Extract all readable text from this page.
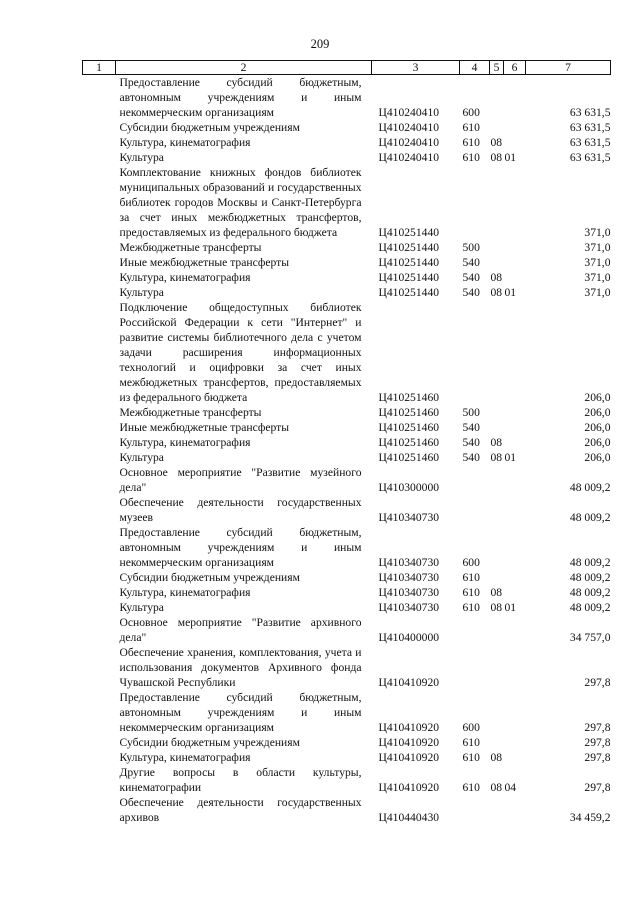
209
1	2	3	4	5	6	7
	Предоставление субсидий бюджетным, автономным учреждениям и иным некоммерческим организациям	Ц410240410	600			63 631,5
	Субсидии бюджетным учреждениям	Ц410240410	610			63 631,5
	Культура, кинематография	Ц410240410	610	08		63 631,5
	Культура	Ц410240410	610	08	01	63 631,5
	Комплектование книжных фондов библиотек муниципальных образований и государственных библиотек городов Москвы и Санкт-Петербурга за счет иных межбюджетных трансфертов, предоставляемых из федерального бюджета	Ц410251440				371,0
	Межбюджетные трансферты	Ц410251440	500			371,0
	Иные межбюджетные трансферты	Ц410251440	540			371,0
	Культура, кинематография	Ц410251440	540	08		371,0
	Культура	Ц410251440	540	08	01	371,0
	Подключение общедоступных библиотек Российской Федерации к сети "Интернет" и развитие системы библиотечного дела с учетом задачи расширения информационных технологий и оцифровки за счет иных межбюджетных трансфертов, предоставляемых из федерального бюджета	Ц410251460				206,0
	Межбюджетные трансферты	Ц410251460	500			206,0
	Иные межбюджетные трансферты	Ц410251460	540			206,0
	Культура, кинематография	Ц410251460	540	08		206,0
	Культура	Ц410251460	540	08	01	206,0
	Основное мероприятие "Развитие музейного дела"	Ц410300000				48 009,2
	Обеспечение деятельности государственных музеев	Ц410340730				48 009,2
	Предоставление субсидий бюджетным, автономным учреждениям и иным некоммерческим организациям	Ц410340730	600			48 009,2
	Субсидии бюджетным учреждениям	Ц410340730	610			48 009,2
	Культура, кинематография	Ц410340730	610	08		48 009,2
	Культура	Ц410340730	610	08	01	48 009,2
	Основное мероприятие "Развитие архивного дела"	Ц410400000				34 757,0
	Обеспечение хранения, комплектования, учета и использования документов Архивного фонда Чувашской Республики	Ц410410920				297,8
	Предоставление субсидий бюджетным, автономным учреждениям и иным некоммерческим организациям	Ц410410920	600			297,8
	Субсидии бюджетным учреждениям	Ц410410920	610			297,8
	Культура, кинематография	Ц410410920	610	08		297,8
	Другие вопросы в области культуры, кинематографии	Ц410410920	610	08	04	297,8
	Обеспечение деятельности государственных архивов	Ц410440430				34 459,2
